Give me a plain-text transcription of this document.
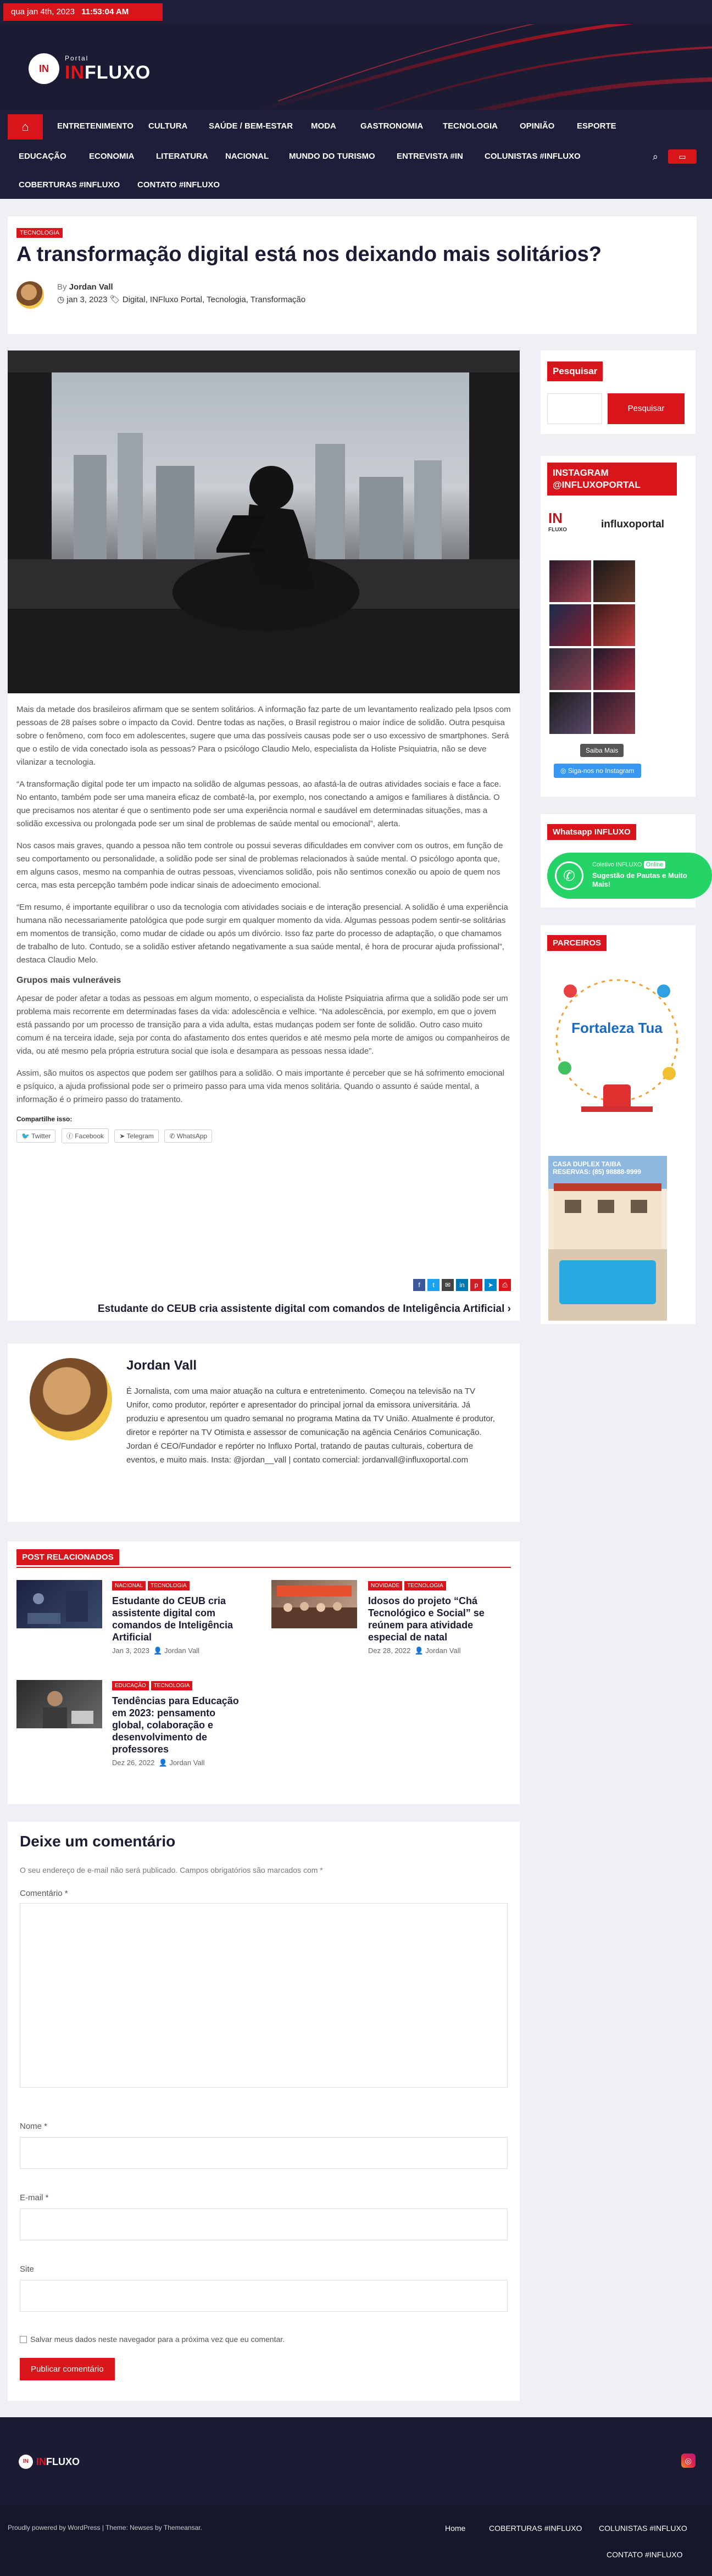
qua jan 4th, 2023 11:53:04 AM
IN
Portal
INFLUXO
⌂	ENTRETENIMENTO CULTURA	SAÚDE / BEM-ESTAR MODA	GASTRONOMIA TECNOLOGIA	OPINIÃO	ESPORTE
EDUCAÇÃO	ECONOMIA	LITERATURA NACIONAL MUNDO DO TURISMO	ENTREVISTA #IN	COLUNISTAS #INFLUXO	⌕	▭
COBERTURAS #INFLUXO CONTATO #INFLUXO
TECNOLOGIA
A transformação digital está nos deixando mais solitários?
By Jordan Vall
◷ jan 3, 2023 🏷 Digital, INFluxo Portal, Tecnologia, Transformação

Mais da metade dos brasileiros afirmam que se sentem solitários. A informação faz parte de um levantamento realizado pela Ipsos com pessoas de 28 países sobre o impacto da Covid. Dentre todas as nações, o Brasil registrou o maior índice de solidão. Outra pesquisa sobre o fenômeno, com foco em adolescentes, sugere que uma das possíveis causas pode ser o uso excessivo de smartphones. Será que o estilo de vida conectado isola as pessoas? Para o psicólogo Claudio Melo, especialista da Holiste Psiquiatria, não se deve vilanizar a tecnologia.

“A transformação digital pode ter um impacto na solidão de algumas pessoas, ao afastá-la de outras atividades sociais e face a face. No entanto, também pode ser uma maneira eficaz de combatê-la, por exemplo, nos conectando a amigos e familiares à distância. O que precisamos nos atentar é que o sentimento pode ser uma experiência normal e saudável em determinadas situações, mas a solidão excessiva ou prolongada pode ser um sinal de problemas de saúde mental ou emocional”, alerta.

Nos casos mais graves, quando a pessoa não tem controle ou possui severas dificuldades em conviver com os outros, em função de seu comportamento ou personalidade, a solidão pode ser sinal de problemas relacionados à saúde mental. O psicólogo aponta que, em alguns casos, mesmo na companhia de outras pessoas, vivenciamos solidão, pois não sentimos conexão ou apoio de quem nos cerca, mas esta percepção também pode indicar sinais de adoecimento emocional.

“Em resumo, é importante equilibrar o uso da tecnologia com atividades sociais e de interação presencial. A solidão é uma experiência humana não necessariamente patológica que pode surgir em qualquer momento da vida. Algumas pessoas podem sentir-se solitárias em momentos de transição, como mudar de cidade ou após um divórcio. Isso faz parte do processo de adaptação, o que chamamos de trabalho de luto. Contudo, se a solidão estiver afetando negativamente a sua saúde mental, é hora de procurar ajuda profissional”, destaca Claudio Melo.

Grupos mais vulneráveis

Apesar de poder afetar a todas as pessoas em algum momento, o especialista da Holiste Psiquiatria afirma que a solidão pode ser um problema mais recorrente em determinadas fases da vida: adolescência e velhice. “Na adolescência, por exemplo, em que o jovem está passando por um processo de transição para a vida adulta, estas mudanças podem ser fonte de solidão. Outro caso muito comum é na terceira idade, seja por conta do afastamento dos entes queridos e até mesmo pela morte de amigos ou companheiros de vida, ou até mesmo pela própria estrutura social que isola e desampara as pessoas nessa idade”.

Assim, são muitos os aspectos que podem ser gatilhos para a solidão. O mais importante é perceber que se há sofrimento emocional e psíquico, a ajuda profissional pode ser o primeiro passo para uma vida menos solitária. Quando o assunto é saúde mental, a informação é o primeiro passo do tratamento.

Compartilhe isso:
🐦 Twitter ⓕ Facebook ➤ Telegram ✆ WhatsApp
f t ✉ in p ➤ ⎙
Estudante do CEUB cria assistente digital com comandos de Inteligência Artificial ›
Jordan Vall
É Jornalista, com uma maior atuação na cultura e entretenimento. Começou na televisão na TV Unifor, como produtor, repórter e apresentador do principal jornal da emissora universitária. Já produziu e apresentou um quadro semanal no programa Matina da TV União. Atualmente é produtor, diretor e repórter na TV Otimista e assessor de comunicação na agência Cenários Comunicação. Jordan é CEO/Fundador e repórter no Influxo Portal, tratando de pautas culturais, cobertura de eventos, e muito mais. Insta: @jordan__vall | contato comercial: jordanvall@influxoportal.com
POST RELACIONADOS
NACIONAL TECNOLOGIA
Estudante do CEUB cria assistente digital com comandos de Inteligência Artificial
Jan 3, 2023 👤 Jordan Vall
NOVIDADE TECNOLOGIA
Idosos do projeto “Chá Tecnológico e Social” se reúnem para atividade especial de natal
Dez 28, 2022 👤 Jordan Vall
EDUCAÇÃO TECNOLOGIA
Tendências para Educação em 2023: pensamento global, colaboração e desenvolvimento de professores
Dez 26, 2022 👤 Jordan Vall
Deixe um comentário
O seu endereço de e-mail não será publicado. Campos obrigatórios são marcados com *
Comentário *
Nome *
E-mail *
Site
Salvar meus dados neste navegador para a próxima vez que eu comentar.
Publicar comentário
Pesquisar
Pesquisar
INSTAGRAM @INFLUXOPORTAL
IN
FLUXO	influxoportal
Saiba Mais
◎ Siga-nos no Instagram
Whatsapp INFLUXO
✆
Coletivo INFLUXO Online
Sugestão de Pautas e Muito Mais!
PARCEIROS
Fortaleza Tua
CASA DUPLEX TAIBA
RESERVAS: (85) 98888-9999
IN INFLUXO	◎
Proudly powered by WordPress | Theme: Newses by Themeansar.	Home	COBERTURAS #INFLUXO COLUNISTAS #INFLUXO
CONTATO #INFLUXO
